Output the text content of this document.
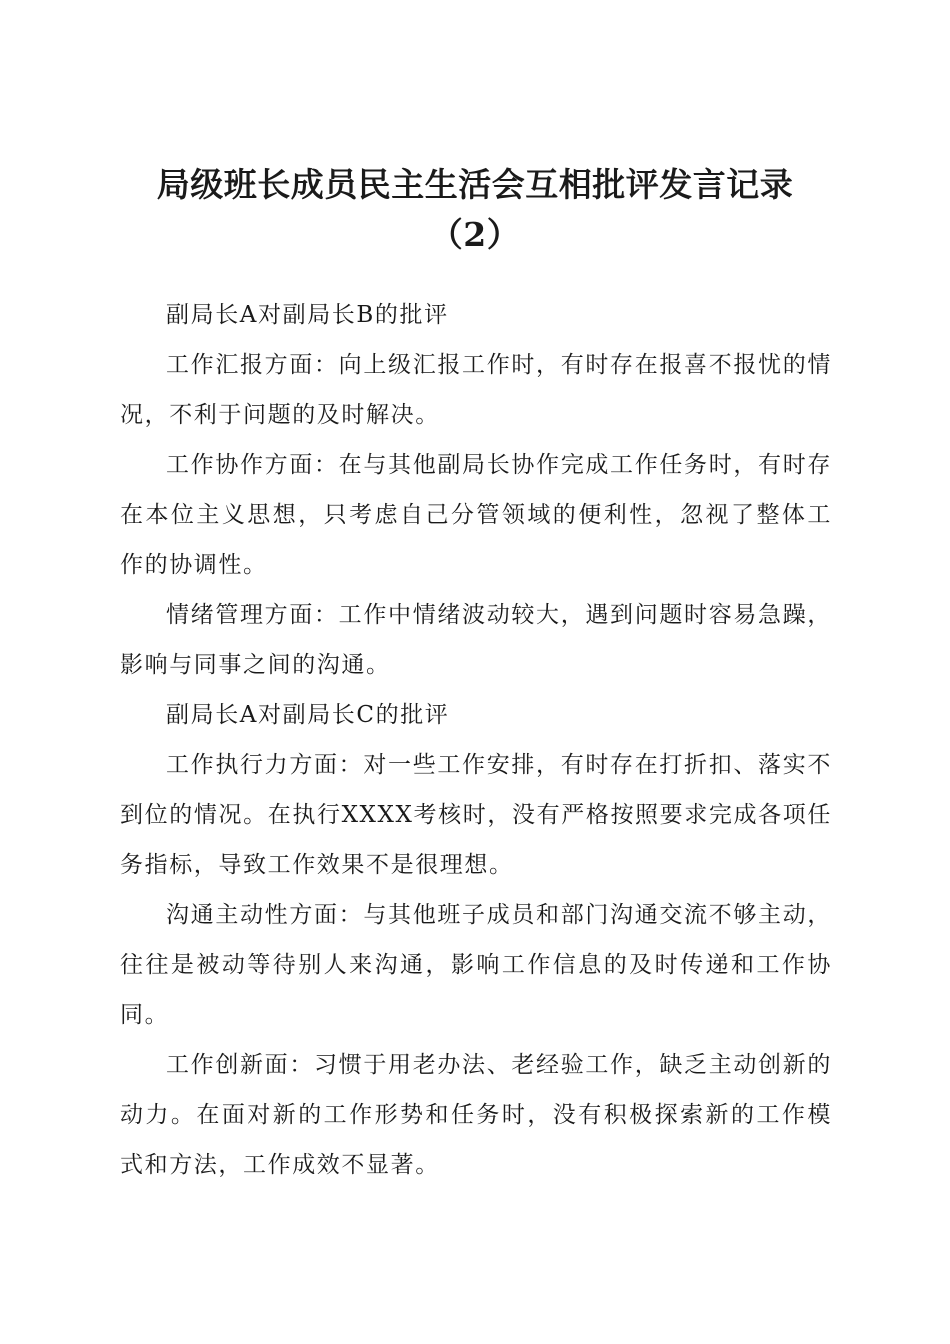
局级班长成员民主生活会互相批评发言记录
（2）

副局长A对副局长B的批评

工作汇报方面：向上级汇报工作时，有时存在报喜不报忧的情况，不利于问题的及时解决。

工作协作方面：在与其他副局长协作完成工作任务时，有时存在本位主义思想，只考虑自己分管领域的便利性，忽视了整体工作的协调性。

情绪管理方面：工作中情绪波动较大，遇到问题时容易急躁，影响与同事之间的沟通。

副局长A对副局长C的批评

工作执行力方面：对一些工作安排，有时存在打折扣、落实不到位的情况。在执行XXXX考核时，没有严格按照要求完成各项任务指标，导致工作效果不是很理想。

沟通主动性方面：与其他班子成员和部门沟通交流不够主动，往往是被动等待别人来沟通，影响工作信息的及时传递和工作协同。

工作创新面：习惯于用老办法、老经验工作，缺乏主动创新的动力。在面对新的工作形势和任务时，没有积极探索新的工作模式和方法，工作成效不显著。
